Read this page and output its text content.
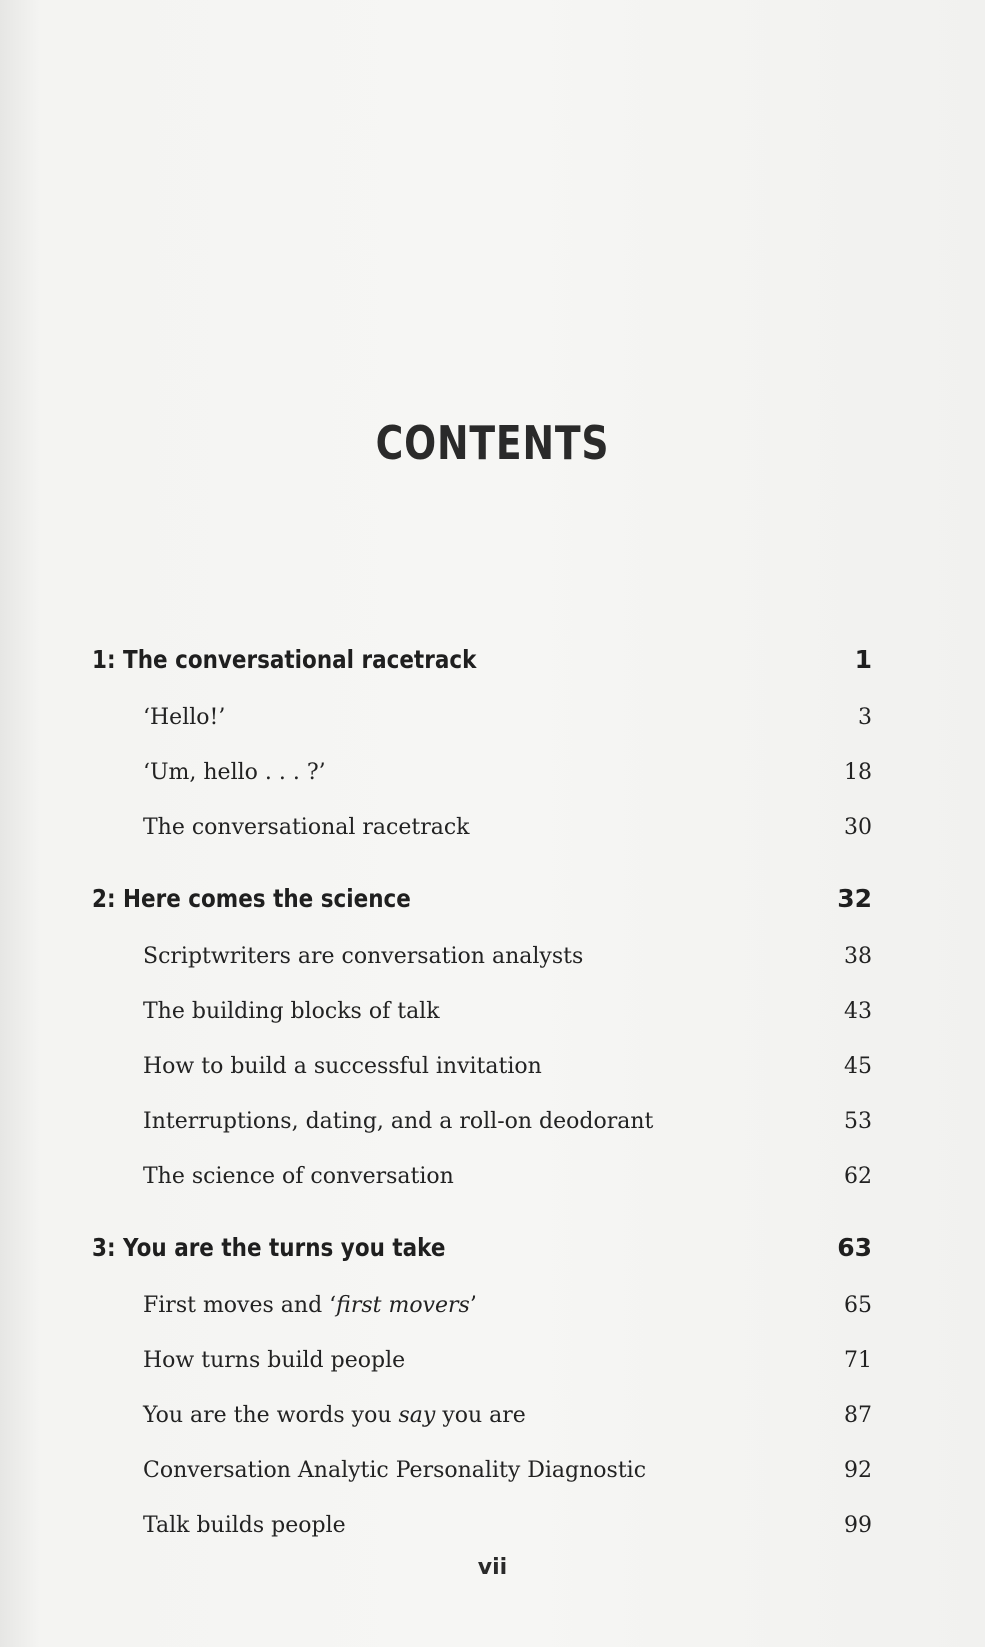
CONTENTS
1: The conversational racetrack	1
‘Hello!’	3
‘Um, hello . . . ?’	18
The conversational racetrack	30
2: Here comes the science	32
Scriptwriters are conversation analysts	38
The building blocks of talk	43
How to build a successful invitation	45
Interruptions, dating, and a roll-on deodorant	53
The science of conversation	62
3: You are the turns you take	63
First moves and ‘first movers’	65
How turns build people	71
You are the words you say you are	87
Conversation Analytic Personality Diagnostic	92
Talk builds people	99
vii
